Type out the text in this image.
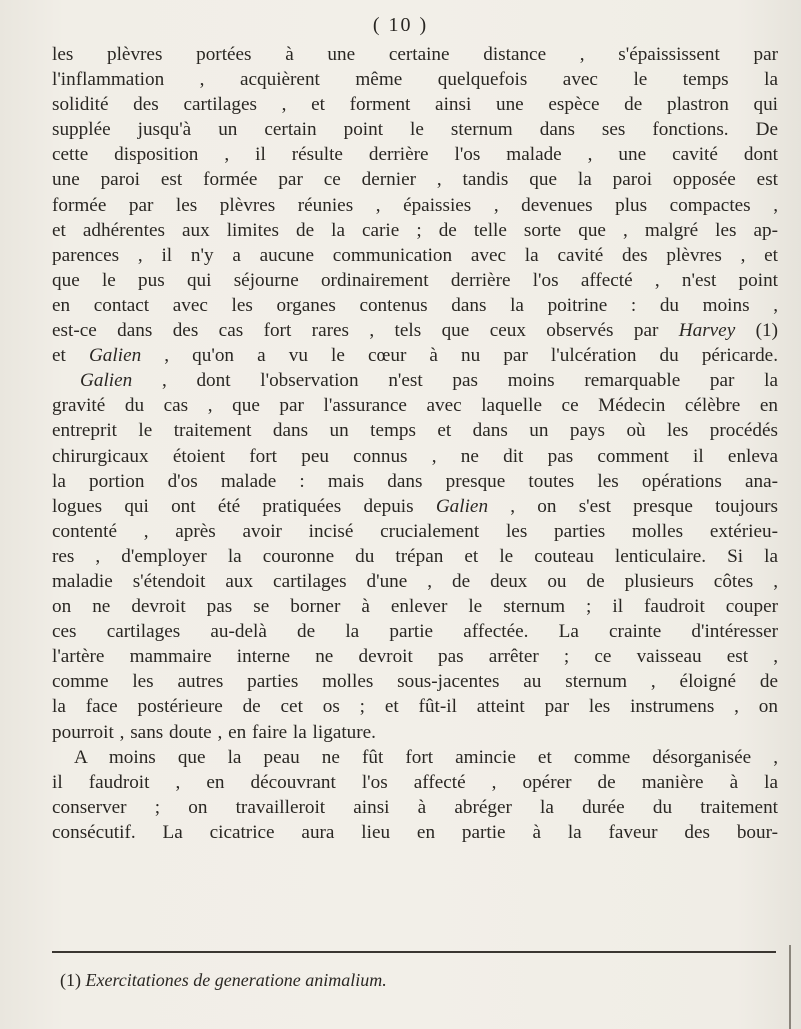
( 10 )
les plèvres portées à une certaine distance , s'épaississent par
l'inflammation , acquièrent même quelquefois avec le temps la
solidité des cartilages , et forment ainsi une espèce de plastron qui
supplée jusqu'à un certain point le sternum dans ses fonctions. De
cette disposition , il résulte derrière l'os malade , une cavité dont
une paroi est formée par ce dernier , tandis que la paroi opposée est
formée par les plèvres réunies , épaissies , devenues plus compactes ,
et adhérentes aux limites de la carie ; de telle sorte que , malgré les ap-
parences , il n'y a aucune communication avec la cavité des plèvres , et
que le pus qui séjourne ordinairement derrière l'os affecté , n'est point
en contact avec les organes contenus dans la poitrine : du moins ,
est-ce dans des cas fort rares , tels que ceux observés par Harvey (1)
et Galien , qu'on a vu le cœur à nu par l'ulcération du péricarde.
Galien , dont l'observation n'est pas moins remarquable par la
gravité du cas , que par l'assurance avec laquelle ce Médecin célèbre en
entreprit le traitement dans un temps et dans un pays où les procédés
chirurgicaux étoient fort peu connus , ne dit pas comment il enleva
la portion d'os malade : mais dans presque toutes les opérations ana-
logues qui ont été pratiquées depuis Galien , on s'est presque toujours
contenté , après avoir incisé crucialement les parties molles extérieu-
res , d'employer la couronne du trépan et le couteau lenticulaire. Si la
maladie s'étendoit aux cartilages d'une , de deux ou de plusieurs côtes ,
on ne devroit pas se borner à enlever le sternum ; il faudroit couper
ces cartilages au-delà de la partie affectée. La crainte d'intéresser
l'artère mammaire interne ne devroit pas arrêter ; ce vaisseau est ,
comme les autres parties molles sous-jacentes au sternum , éloigné de
la face postérieure de cet os ; et fût-il atteint par les instrumens , on
pourroit , sans doute , en faire la ligature.
A moins que la peau ne fût fort amincie et comme désorganisée ,
il faudroit , en découvrant l'os affecté , opérer de manière à la
conserver ; on travailleroit ainsi à abréger la durée du traitement
consécutif. La cicatrice aura lieu en partie à la faveur des bour-
(1) Exercitationes de generatione animalium.
